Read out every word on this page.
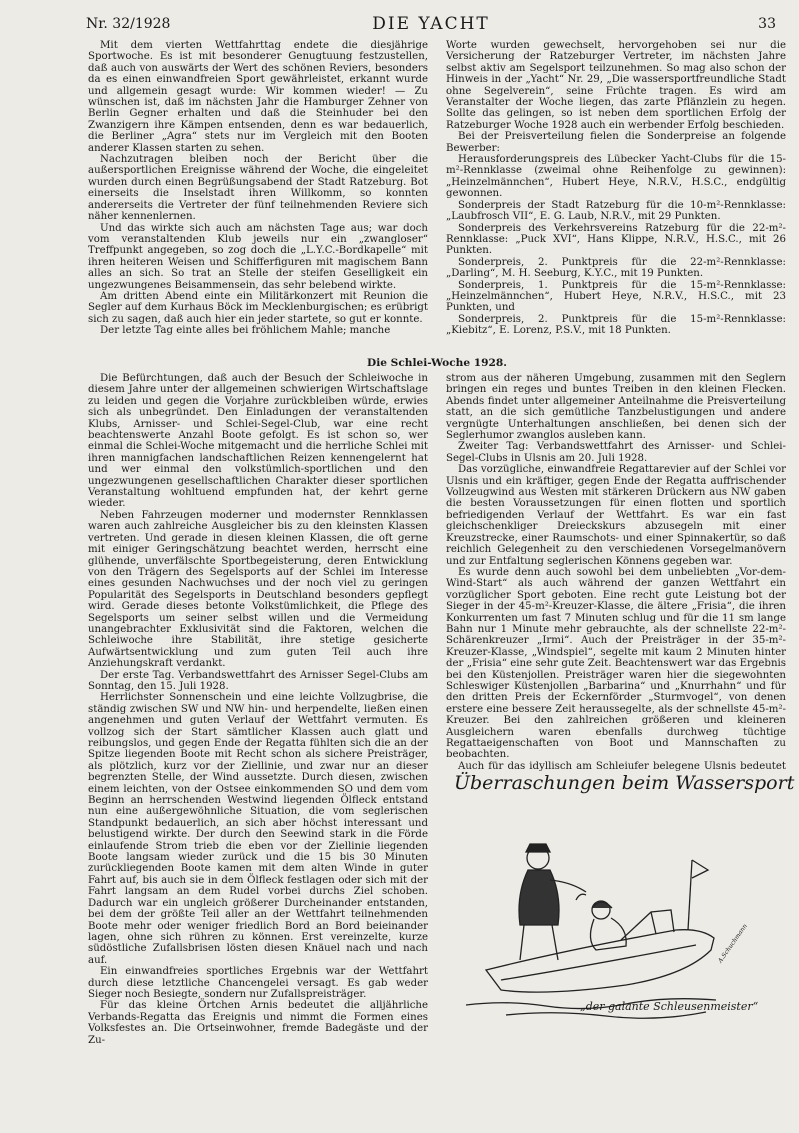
Nr. 32/1928	DIE YACHT	33

Mit dem vierten Wettfahrttag endete die diesjährige Sportwoche. Es ist mit besonderer Genugtuung festzustellen, daß auch von auswärts der Wert des schönen Reviers, besonders da es einen einwandfreien Sport gewährleistet, erkannt wurde und allgemein gesagt wurde: Wir kommen wieder! — Zu wünschen ist, daß im nächsten Jahr die Hamburger Zehner von Berlin Gegner erhalten und daß die Steinhuder bei den Zwanzigern ihre Kämpen entsenden, denn es war bedauerlich, die Berliner „Agra“ stets nur im Vergleich mit den Booten anderer Klassen starten zu sehen.

Nachzutragen bleiben noch der Bericht über die außersportlichen Ereignisse während der Woche, die eingeleitet wurden durch einen Begrüßungsabend der Stadt Ratzeburg. Bot einerseits die Inselstadt ihren Willkomm, so konnten andererseits die Vertreter der fünf teilnehmenden Reviere sich näher kennenlernen.

Und das wirkte sich auch am nächsten Tage aus; war doch vom veranstaltenden Klub jeweils nur ein „zwangloser“ Treffpunkt angegeben, so zog doch die „L.Y.C.-Bordkapelle“ mit ihren heiteren Weisen und Schifferfiguren mit magischem Bann alles an sich. So trat an Stelle der steifen Geselligkeit ein ungezwungenes Beisammensein, das sehr belebend wirkte.

Am dritten Abend einte ein Militärkonzert mit Reunion die Segler auf dem Kurhaus Böck im Mecklenburgischen; es erübrigt sich zu sagen, daß auch hier ein jeder startete, so gut er konnte.

Der letzte Tag einte alles bei fröhlichem Mahle; manche

Worte wurden gewechselt, hervorgehoben sei nur die Versicherung der Ratzeburger Vertreter, im nächsten Jahre selbst aktiv am Segelsport teilzunehmen. So mag also schon der Hinweis in der „Yacht“ Nr. 29, „Die wassersportfreundliche Stadt ohne Segelverein“, seine Früchte tragen. Es wird am Veranstalter der Woche liegen, das zarte Pflänzlein zu hegen. Sollte das gelingen, so ist neben dem sportlichen Erfolg der Ratzeburger Woche 1928 auch ein werbender Erfolg beschieden.

Bei der Preisverteilung fielen die Sonderpreise an folgende Bewerber:

Herausforderungspreis des Lübecker Yacht-Clubs für die 15-m²-Rennklasse (zweimal ohne Reihenfolge zu gewinnen): „Heinzelmännchen“, Hubert Heye, N.R.V., H.S.C., endgültig gewonnen.

Sonderpreis der Stadt Ratzeburg für die 10-m²-Rennklasse: „Laubfrosch VII“, E. G. Laub, N.R.V., mit 29 Punkten.

Sonderpreis des Verkehrsvereins Ratzeburg für die 22-m²-Rennklasse: „Puck XVI“, Hans Klippe, N.R.V., H.S.C., mit 26 Punkten.

Sonderpreis, 2. Punktpreis für die 22-m²-Rennklasse: „Darling“, M. H. Seeburg, K.Y.C., mit 19 Punkten.

Sonderpreis, 1. Punktpreis für die 15-m²-Rennklasse: „Heinzelmännchen“, Hubert Heye, N.R.V., H.S.C., mit 23 Punkten, und

Sonderpreis, 2. Punktpreis für die 15-m²-Rennklasse: „Kiebitz“, E. Lorenz, P.S.V., mit 18 Punkten.

Die Schlei-Woche 1928.

Die Befürchtungen, daß auch der Besuch der Schleiwoche in diesem Jahre unter der allgemeinen schwierigen Wirtschaftslage zu leiden und gegen die Vorjahre zurückbleiben würde, erwies sich als unbegründet. Den Einladungen der veranstaltenden Klubs, Arnisser- und Schlei-Segel-Club, war eine recht beachtenswerte Anzahl Boote gefolgt. Es ist schon so, wer einmal die Schlei-Woche mitgemacht und die herrliche Schlei mit ihren mannigfachen landschaftlichen Reizen kennengelernt hat und wer einmal den volkstümlich-sportlichen und den ungezwungenen gesellschaftlichen Charakter dieser sportlichen Veranstaltung wohltuend empfunden hat, der kehrt gerne wieder.

Neben Fahrzeugen moderner und modernster Rennklassen waren auch zahlreiche Ausgleicher bis zu den kleinsten Klassen vertreten. Und gerade in diesen kleinen Klassen, die oft gerne mit einiger Geringschätzung beachtet werden, herrscht eine glühende, unverfälschte Sportbegeisterung, deren Entwicklung von den Trägern des Segelsports auf der Schlei im Interesse eines gesunden Nachwuchses und der noch viel zu geringen Popularität des Segelsports in Deutschland besonders gepflegt wird. Gerade dieses betonte Volkstümlichkeit, die Pflege des Segelsports um seiner selbst willen und die Vermeidung unangebrachter Exklusivität sind die Faktoren, welchen die Schleiwoche ihre Stabilität, ihre stetige gesicherte Aufwärtsentwicklung und zum guten Teil auch ihre Anziehungskraft verdankt.

Der erste Tag. Verbandswettfahrt des Arnisser Segel-Clubs am Sonntag, den 15. Juli 1928.

Herrlichster Sonnenschein und eine leichte Vollzugbrise, die ständig zwischen SW und NW hin- und herpendelte, ließen einen angenehmen und guten Verlauf der Wettfahrt vermuten. Es vollzog sich der Start sämtlicher Klassen auch glatt und reibungslos, und gegen Ende der Regatta fühlten sich die an der Spitze liegenden Boote mit Recht schon als sichere Preisträger, als plötzlich, kurz vor der Ziellinie, und zwar nur an dieser begrenzten Stelle, der Wind aussetzte. Durch diesen, zwischen einem leichten, von der Ostsee einkommenden SO und dem vom Beginn an herrschenden Westwind liegenden Ölfleck entstand nun eine außergewöhnliche Situation, die vom seglerischen Standpunkt bedauerlich, an sich aber höchst interessant und belustigend wirkte. Der durch den Seewind stark in die Förde einlaufende Strom trieb die eben vor der Ziellinie liegenden Boote langsam wieder zurück und die 15 bis 30 Minuten zurückliegenden Boote kamen mit dem alten Winde in guter Fahrt auf, bis auch sie in dem Ölfleck festlagen oder sich mit der Fahrt langsam an dem Rudel vorbei durchs Ziel schoben. Dadurch war ein ungleich größerer Durcheinander entstanden, bei dem der größte Teil aller an der Wettfahrt teilnehmenden Boote mehr oder weniger friedlich Bord an Bord beieinander lagen, ohne sich rühren zu können. Erst vereinzelte, kurze südöstliche Zufallsbrisen lösten diesen Knäuel nach und nach auf.

Ein einwandfreies sportliches Ergebnis war der Wettfahrt durch diese letztliche Chancengelei versagt. Es gab weder Sieger noch Besiegte, sondern nur Zufallspreisträger.

Für das kleine Örtchen Arnis bedeutet die alljährliche Verbands-Regatta das Ereignis und nimmt die Formen eines Volksfestes an. Die Ortseinwohner, fremde Badegäste und der Zu-

strom aus der näheren Umgebung, zusammen mit den Seglern bringen ein reges und buntes Treiben in den kleinen Flecken. Abends findet unter allgemeiner Anteilnahme die Preisverteilung statt, an die sich gemütliche Tanzbelustigungen und andere vergnügte Unterhaltungen anschließen, bei denen sich der Seglerhumor zwanglos ausleben kann.

Zweiter Tag: Verbandswettfahrt des Arnisser- und Schlei-Segel-Clubs in Ulsnis am 20. Juli 1928.

Das vorzügliche, einwandfreie Regattarevier auf der Schlei vor Ulsnis und ein kräftiger, gegen Ende der Regatta auffrischender Vollzeugwind aus Westen mit stärkeren Drückern aus NW gaben die besten Voraussetzungen für einen flotten und sportlich befriedigenden Verlauf der Wettfahrt. Es war ein fast gleichschenkliger Dreieckskurs abzusegeln mit einer Kreuzstrecke, einer Raumschots- und einer Spinnakertür, so daß reichlich Gelegenheit zu den verschiedenen Vorsegelmanövern und zur Entfaltung seglerischen Könnens gegeben war.

Es wurde denn auch sowohl bei dem unbeliebten „Vor-dem-Wind-Start“ als auch während der ganzen Wettfahrt ein vorzüglicher Sport geboten. Eine recht gute Leistung bot der Sieger in der 45-m²-Kreuzer-Klasse, die ältere „Frisia“, die ihren Konkurrenten um fast 7 Minuten schlug und für die 11 sm lange Bahn nur 1 Minute mehr gebrauchte, als der schnellste 22-m²-Schärenkreuzer „Irmi“. Auch der Preisträger in der 35-m²-Kreuzer-Klasse, „Windspiel“, segelte mit kaum 2 Minuten hinter der „Frisia“ eine sehr gute Zeit. Beachtenswert war das Ergebnis bei den Küstenjollen. Preisträger waren hier die siegewohnten Schleswiger Küstenjollen „Barbarina“ und „Knurrhahn“ und für den dritten Preis der Eckernförder „Sturmvogel“, von denen erstere eine bessere Zeit heraussegelte, als der schnellste 45-m²-Kreuzer. Bei den zahlreichen größeren und kleineren Ausgleichern waren ebenfalls durchweg tüchtige Regattaeigenschaften von Boot und Mannschaften zu beobachten.

Auch für das idyllisch am Schleiufer belegene Ulsnis bedeutet

Überraschungen beim Wassersport
A.Schuchmann
„der galante Schleusenmeister“
